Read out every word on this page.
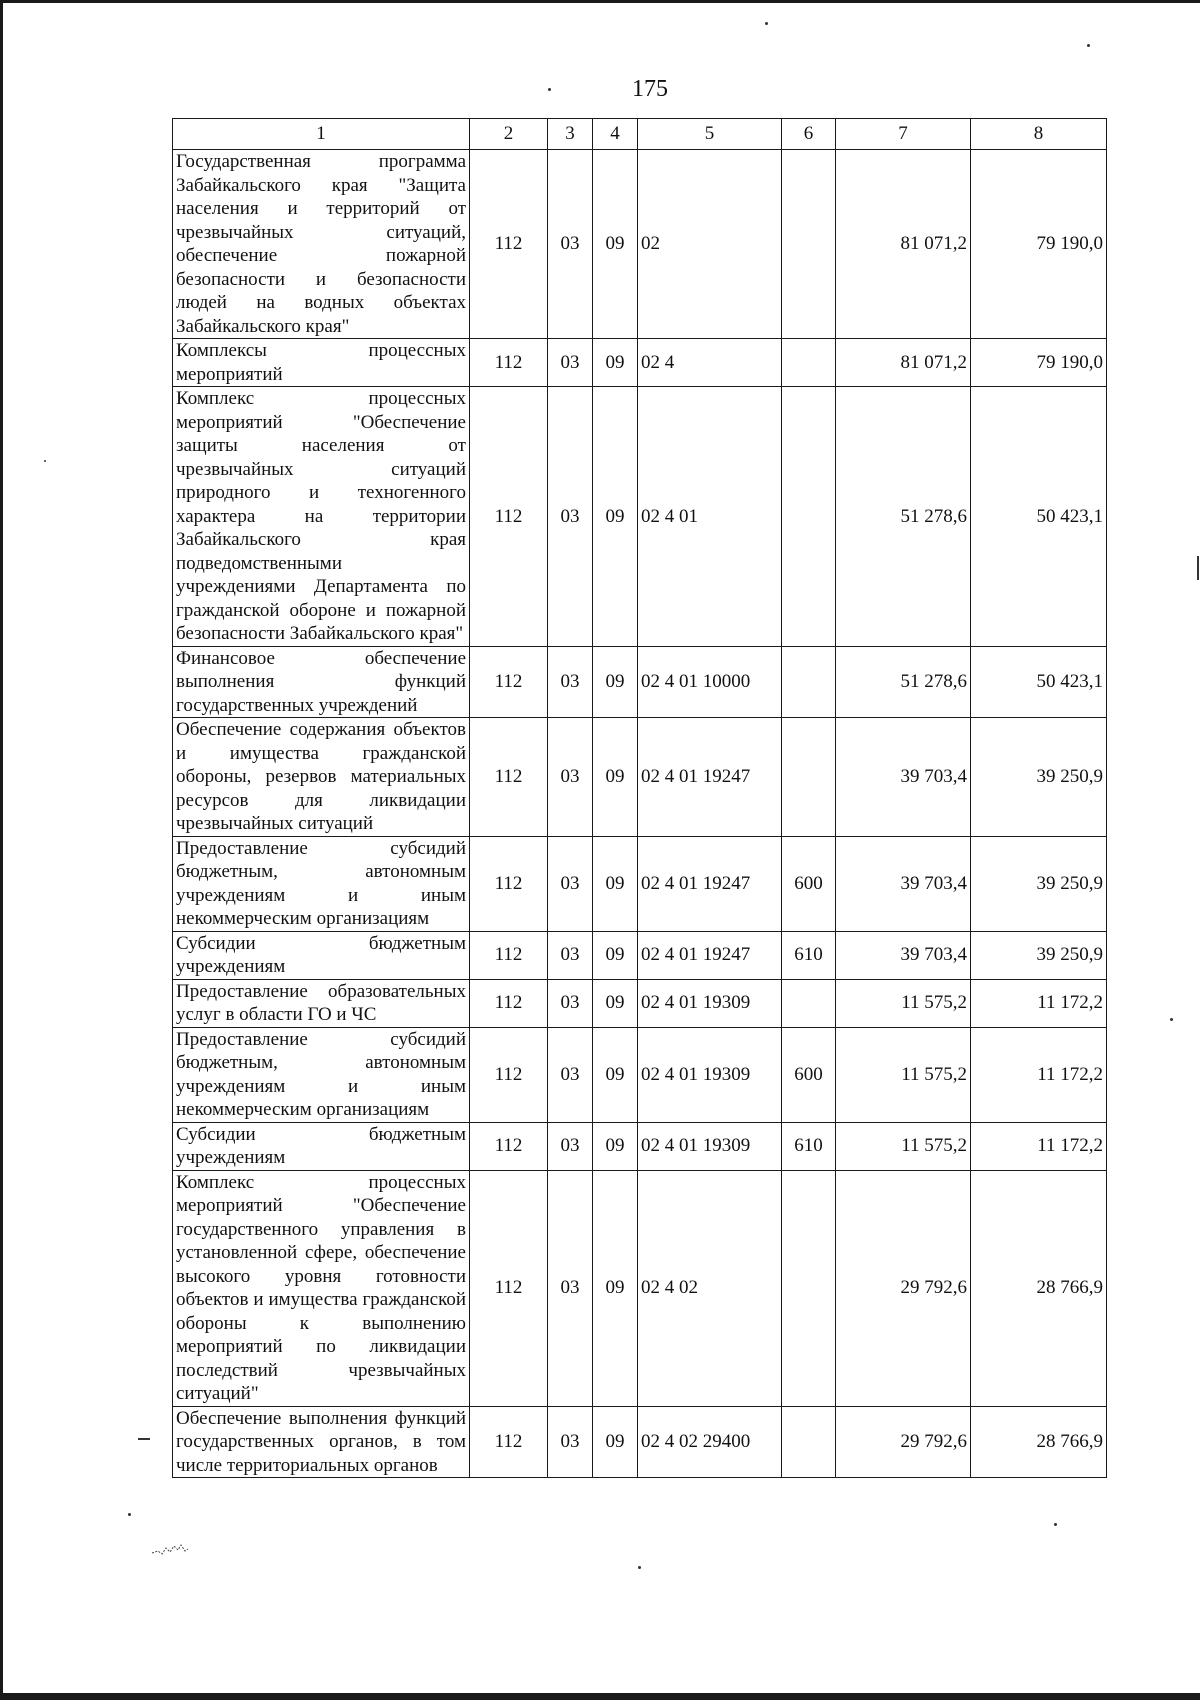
175
1	2	3	4	5	6	7	8
Государственная программа Забайкальского края "Защита населения и территорий от чрезвычайных ситуаций, обеспечение пожарной безопасности и безопасности людей на водных объектах Забайкальского края"	112	03	09	02		81 071,2	79 190,0
Комплексы процессных мероприятий	112	03	09	02 4		81 071,2	79 190,0
Комплекс процессных мероприятий "Обеспечение защиты населения от чрезвычайных ситуаций природного и техногенного характера на территории Забайкальского края подведомственными учреждениями Департамента по гражданской обороне и пожарной безопасности Забайкальского края"	112	03	09	02 4 01		51 278,6	50 423,1
Финансовое обеспечение выполнения функций государственных учреждений	112	03	09	02 4 01 10000		51 278,6	50 423,1
Обеспечение содержания объектов и имущества гражданской обороны, резервов материальных ресурсов для ликвидации чрезвычайных ситуаций	112	03	09	02 4 01 19247		39 703,4	39 250,9
Предоставление субсидий бюджетным, автономным учреждениям и иным некоммерческим организациям	112	03	09	02 4 01 19247	600	39 703,4	39 250,9
Субсидии бюджетным учреждениям	112	03	09	02 4 01 19247	610	39 703,4	39 250,9
Предоставление образовательных услуг в области ГО и ЧС	112	03	09	02 4 01 19309		11 575,2	11 172,2
Предоставление субсидий бюджетным, автономным учреждениям и иным некоммерческим организациям	112	03	09	02 4 01 19309	600	11 575,2	11 172,2
Субсидии бюджетным учреждениям	112	03	09	02 4 01 19309	610	11 575,2	11 172,2
Комплекс процессных мероприятий "Обеспечение государственного управления в установленной сфере, обеспечение высокого уровня готовности объектов и имущества гражданской обороны к выполнению мероприятий по ликвидации последствий чрезвычайных ситуаций"	112	03	09	02 4 02		29 792,6	28 766,9
Обеспечение выполнения функций государственных органов, в том числе территориальных органов	112	03	09	02 4 02 29400		29 792,6	28 766,9
